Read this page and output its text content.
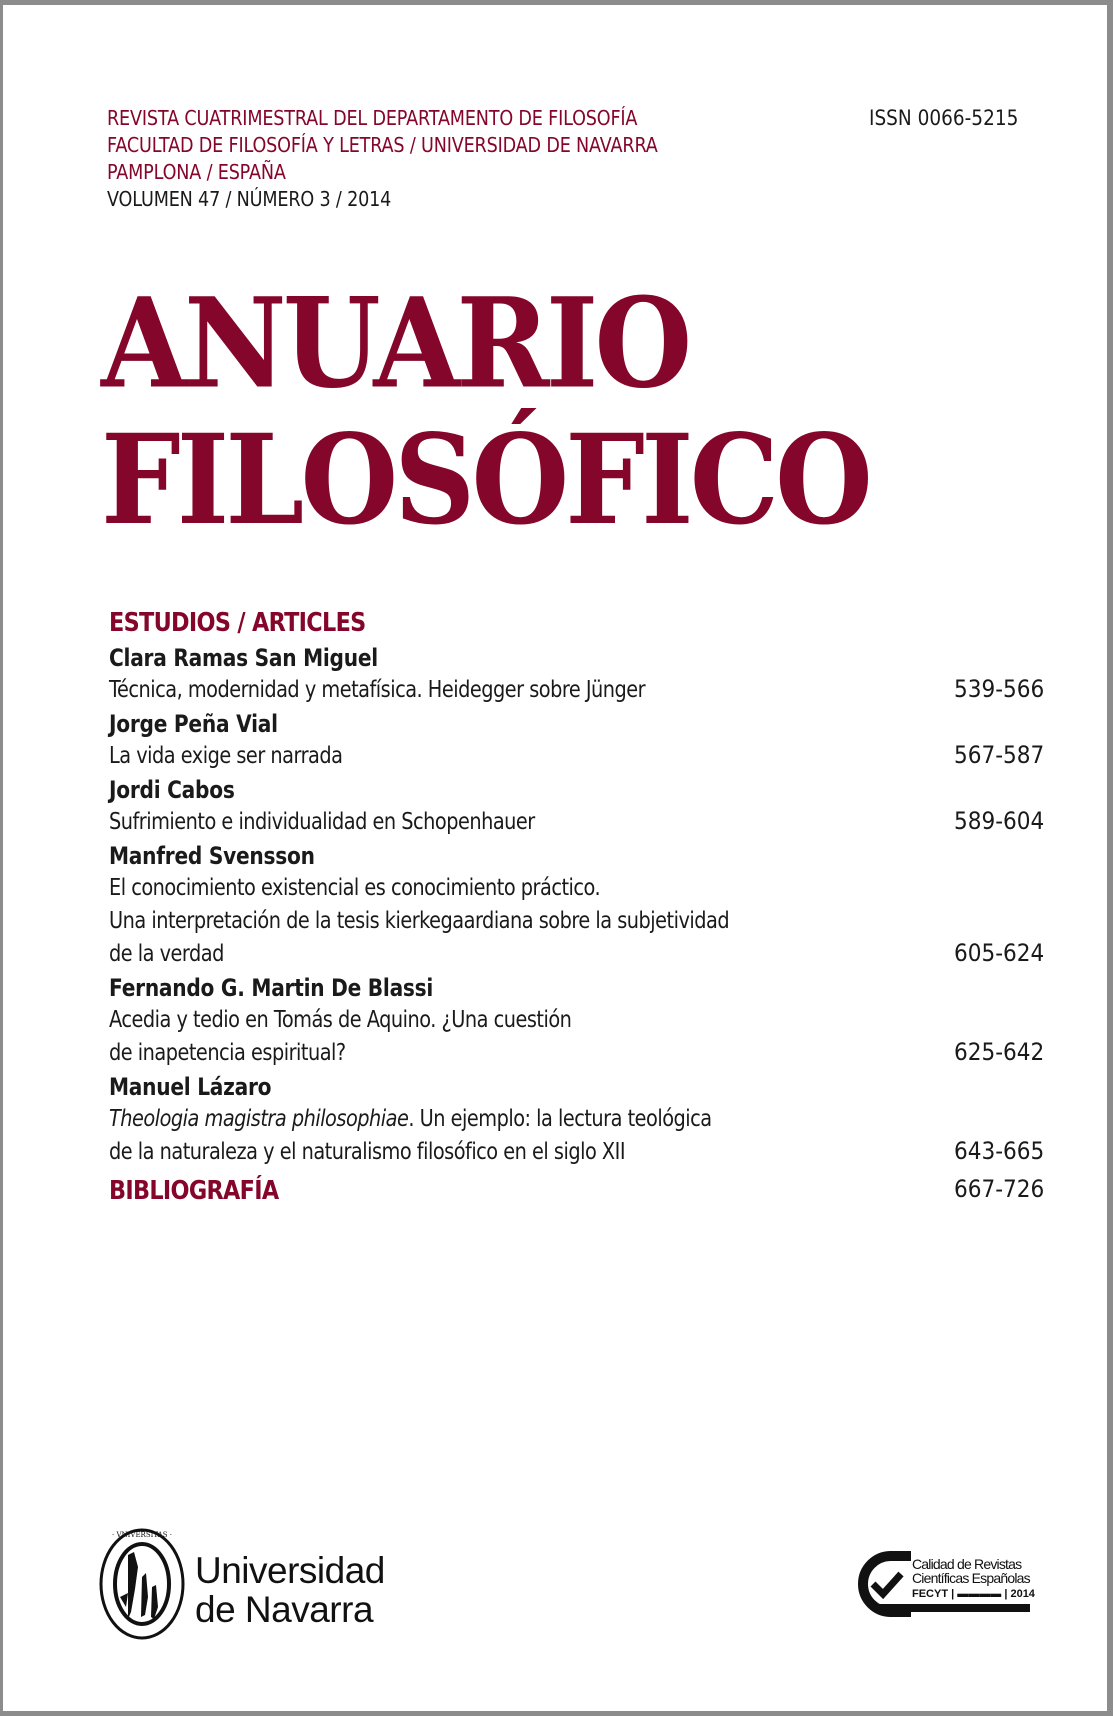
REVISTA CUATRIMESTRAL DEL DEPARTAMENTO DE FILOSOFÍA
FACULTAD DE FILOSOFÍA Y LETRAS / UNIVERSIDAD DE NAVARRA
PAMPLONA / ESPAÑA
VOLUMEN 47 / NÚMERO 3 / 2014
ISSN 0066-5215
ANUARIO
FILOSÓFICO
ESTUDIOS / ARTICLES
Clara Ramas San Miguel
Técnica, modernidad y metafísica. Heidegger sobre Jünger	539-566
Jorge Peña Vial
La vida exige ser narrada	567-587
Jordi Cabos
Sufrimiento e individualidad en Schopenhauer	589-604
Manfred Svensson
El conocimiento existencial es conocimiento práctico.
Una interpretación de la tesis kierkegaardiana sobre la subjetividad
de la verdad	605-624
Fernando G. Martin De Blassi
Acedia y tedio en Tomás de Aquino. ¿Una cuestión
de inapetencia espiritual?	625-642
Manuel Lázaro
Theologia magistra philosophiae. Un ejemplo: la lectura teológica
de la naturaleza y el naturalismo filosófico en el siglo XII	643-665
BIBLIOGRAFÍA	667-726
· VNIVERSITAS ·
Universidad
de Navarra
Calidad de Revistas
Científicas Españolas
FECYT | ▬▬▬▬ | 2014
